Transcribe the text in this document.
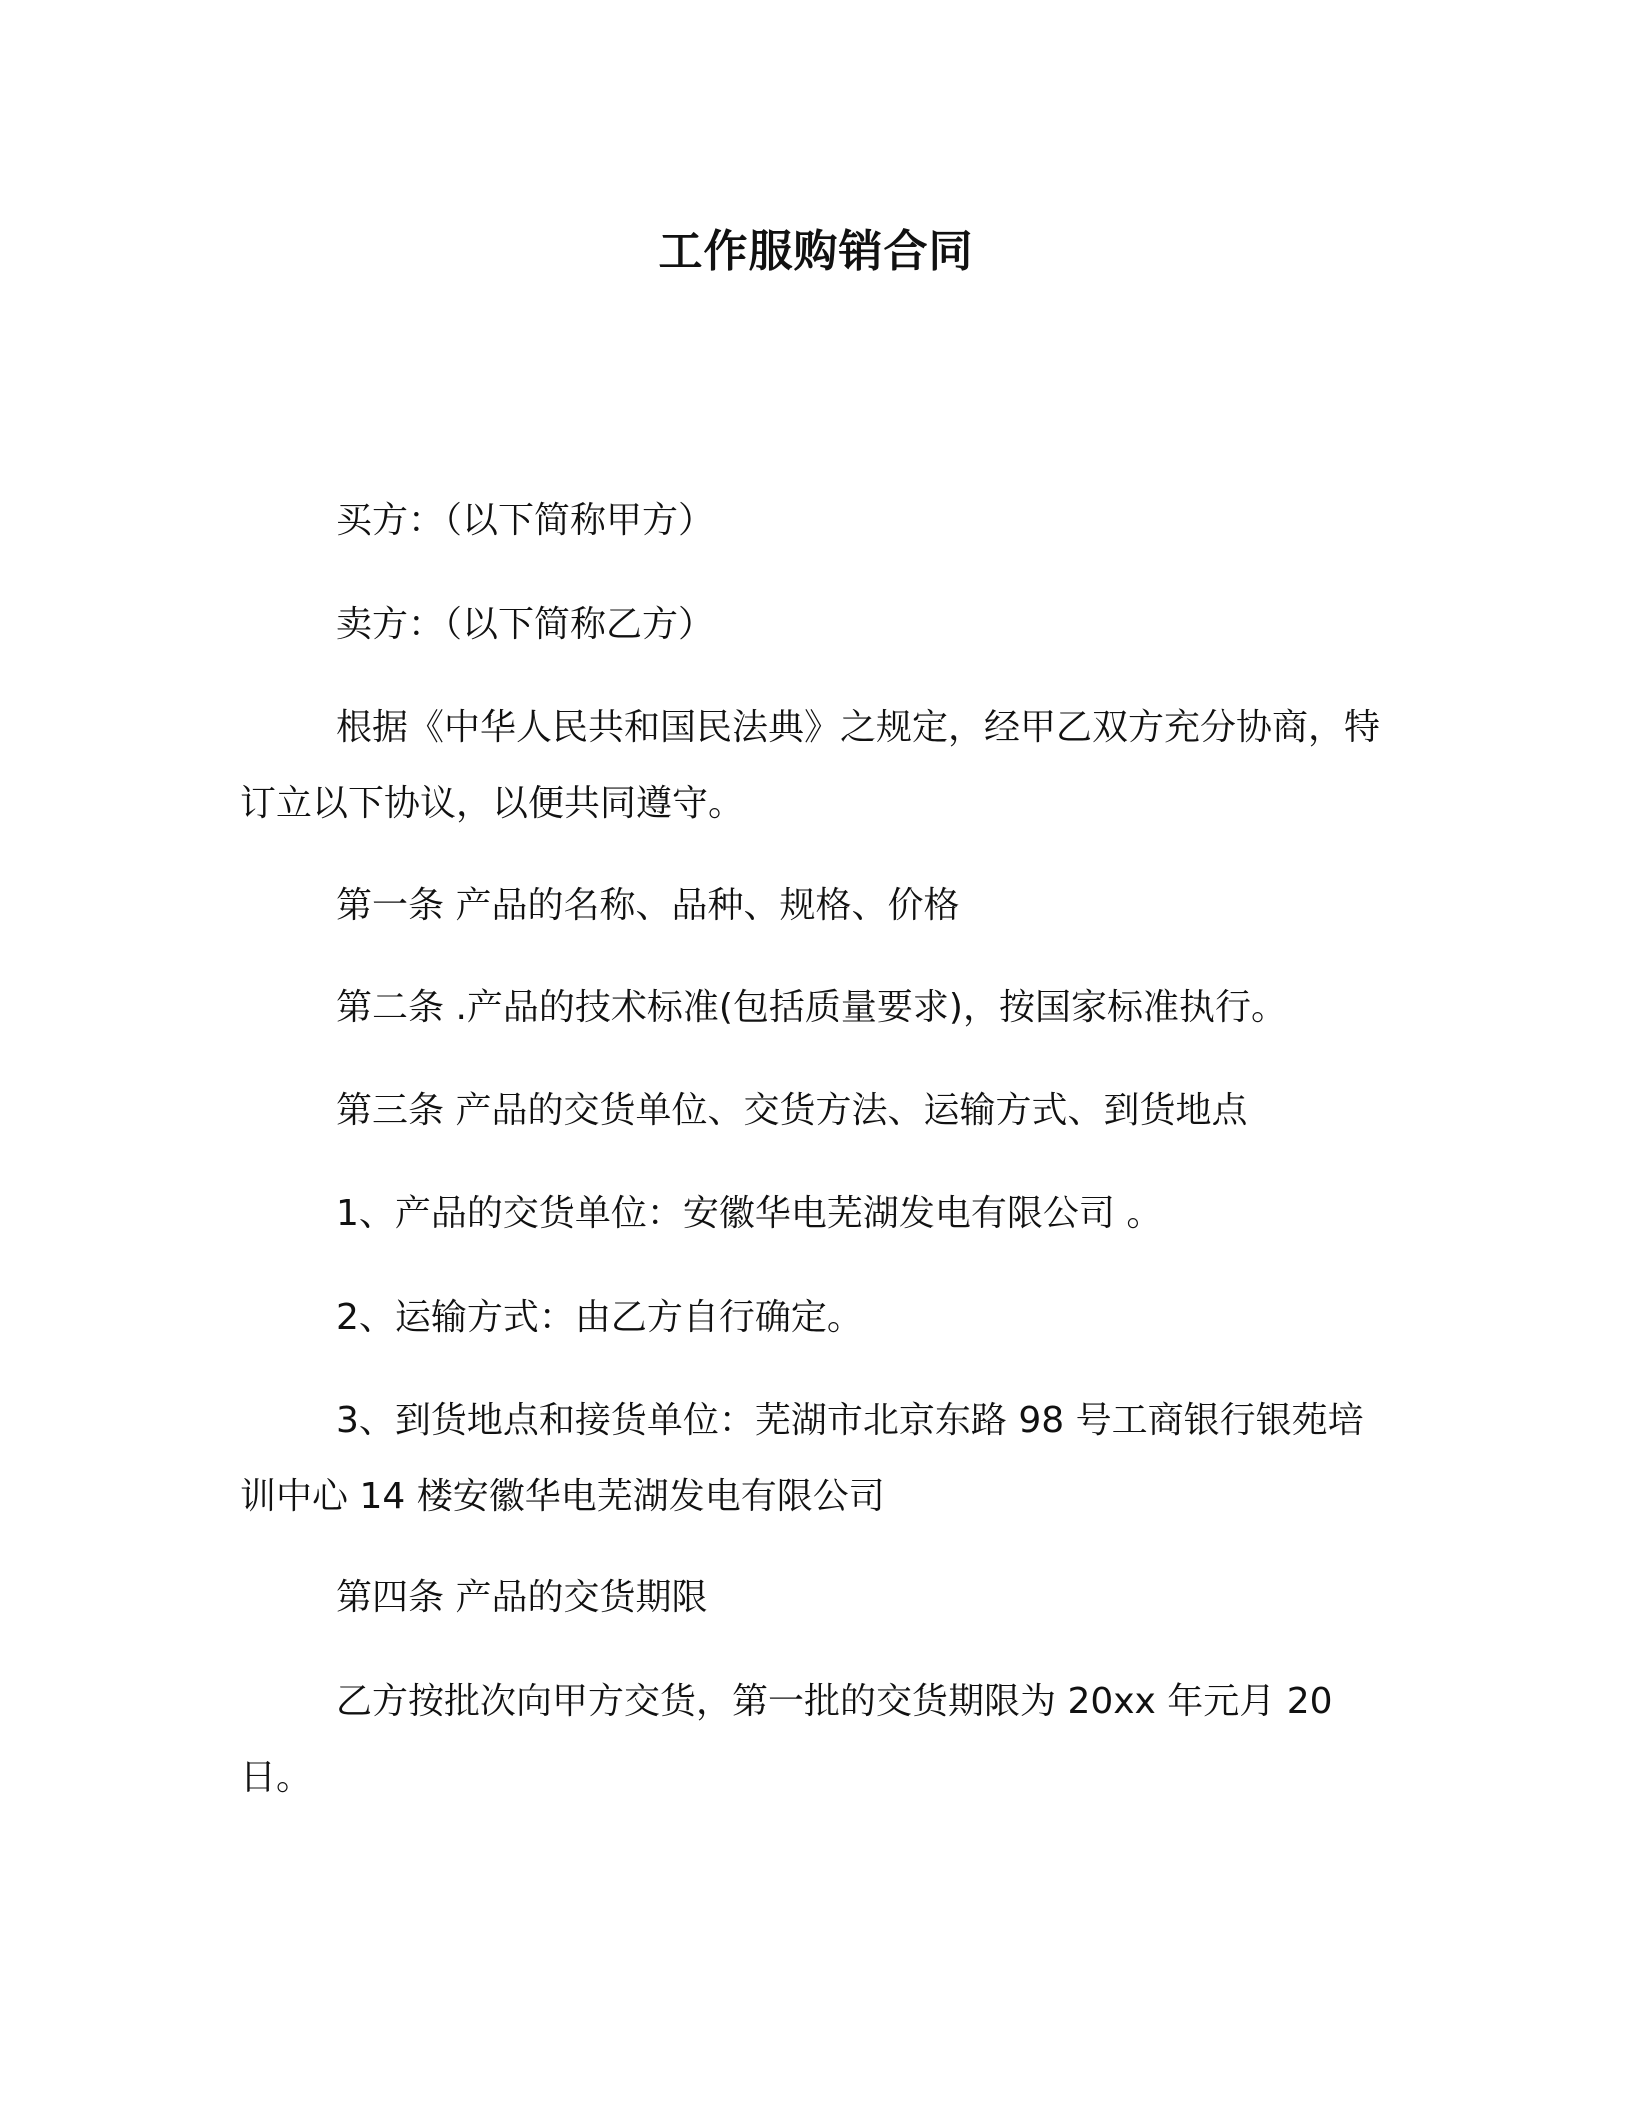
工作服购销合同

买方：（以下简称甲方）

卖方：（以下简称乙方）

根据《中华人民共和国民法典》之规定，经甲乙双方充分协商，特订立以下协议，以便共同遵守。

第一条 产品的名称、品种、规格、价格

第二条 .产品的技术标准(包括质量要求)，按国家标准执行。

第三条 产品的交货单位、交货方法、运输方式、到货地点

1、产品的交货单位：安徽华电芜湖发电有限公司 。

2、运输方式：由乙方自行确定。

3、到货地点和接货单位：芜湖市北京东路 98 号工商银行银苑培训中心 14 楼安徽华电芜湖发电有限公司

第四条 产品的交货期限

乙方按批次向甲方交货，第一批的交货期限为 20xx 年元月 20 日。
